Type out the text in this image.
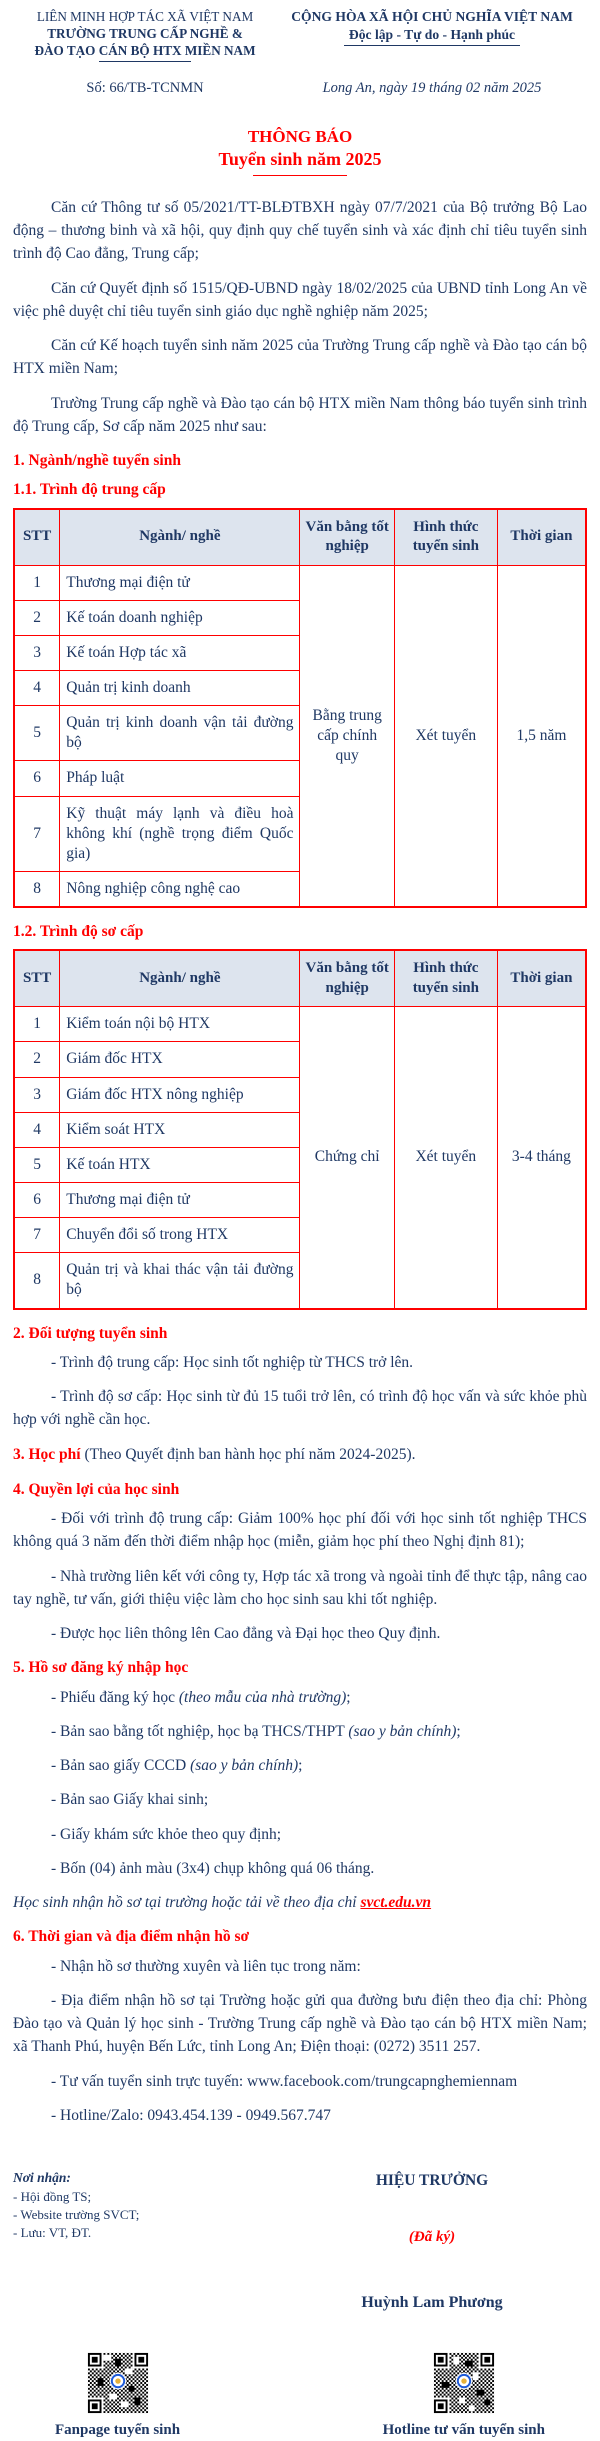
LIÊN MINH HỢP TÁC XÃ VIỆT NAM
TRƯỜNG TRUNG CẤP NGHỀ &
ĐÀO TẠO CÁN BỘ HTX MIỀN NAM
CỘNG HÒA XÃ HỘI CHỦ NGHĨA VIỆT NAM
Độc lập - Tự do - Hạnh phúc
Số: 66/TB-TCNMN	Long An, ngày 19 tháng 02 năm 2025
THÔNG BÁO
Tuyển sinh năm 2025

Căn cứ Thông tư số 05/2021/TT-BLĐTBXH ngày 07/7/2021 của Bộ trưởng Bộ Lao động – thương binh và xã hội, quy định quy chế tuyển sinh và xác định chỉ tiêu tuyển sinh trình độ Cao đẳng, Trung cấp;

Căn cứ Quyết định số 1515/QĐ-UBND ngày 18/02/2025 của UBND tỉnh Long An về việc phê duyệt chỉ tiêu tuyển sinh giáo dục nghề nghiệp năm 2025;

Căn cứ Kế hoạch tuyển sinh năm 2025 của Trường Trung cấp nghề và Đào tạo cán bộ HTX miền Nam;

Trường Trung cấp nghề và Đào tạo cán bộ HTX miền Nam thông báo tuyển sinh trình độ Trung cấp, Sơ cấp năm 2025 như sau:

1. Ngành/nghề tuyển sinh
1.1. Trình độ trung cấp
STT	Ngành/ nghề	Văn bằng tốt nghiệp	Hình thức tuyển sinh	Thời gian
1	Thương mại điện tử	Bằng trung cấp chính quy	Xét tuyển	1,5 năm
2	Kế toán doanh nghiệp			
3	Kế toán Hợp tác xã			
4	Quản trị kinh doanh			
5	Quản trị kinh doanh vận tải đường bộ			
6	Pháp luật			
7	Kỹ thuật máy lạnh và điều hoà không khí (nghề trọng điểm Quốc gia)			
8	Nông nghiệp công nghệ cao			
1.2. Trình độ sơ cấp
STT	Ngành/ nghề	Văn bằng tốt nghiệp	Hình thức tuyển sinh	Thời gian
1	Kiểm toán nội bộ HTX	Chứng chỉ	Xét tuyển	3-4 tháng
2	Giám đốc HTX			
3	Giám đốc HTX nông nghiệp			
4	Kiểm soát HTX			
5	Kế toán HTX			
6	Thương mại điện tử			
7	Chuyển đổi số trong HTX			
8	Quản trị và khai thác vận tải đường bộ			
2. Đối tượng tuyển sinh

- Trình độ trung cấp: Học sinh tốt nghiệp từ THCS trở lên.

- Trình độ sơ cấp: Học sinh từ đủ 15 tuổi trở lên, có trình độ học vấn và sức khỏe phù hợp với nghề cần học.

3. Học phí (Theo Quyết định ban hành học phí năm 2024-2025).

4. Quyền lợi của học sinh

- Đối với trình độ trung cấp: Giảm 100% học phí đối với học sinh tốt nghiệp THCS không quá 3 năm đến thời điểm nhập học (miễn, giảm học phí theo Nghị định 81);

- Nhà trường liên kết với công ty, Hợp tác xã trong và ngoài tỉnh để thực tập, nâng cao tay nghề, tư vấn, giới thiệu việc làm cho học sinh sau khi tốt nghiệp.

- Được học liên thông lên Cao đẳng và Đại học theo Quy định.

5. Hồ sơ đăng ký nhập học

- Phiếu đăng ký học (theo mẫu của nhà trường);

- Bản sao bằng tốt nghiệp, học bạ THCS/THPT (sao y bản chính);

- Bản sao giấy CCCD (sao y bản chính);

- Bản sao Giấy khai sinh;

- Giấy khám sức khỏe theo quy định;

- Bốn (04) ảnh màu (3x4) chụp không quá 06 tháng.

Học sinh nhận hồ sơ tại trường hoặc tải về theo địa chỉ svct.edu.vn

6. Thời gian và địa điểm nhận hồ sơ

- Nhận hồ sơ thường xuyên và liên tục trong năm:

- Địa điểm nhận hồ sơ tại Trường hoặc gửi qua đường bưu điện theo địa chỉ: Phòng Đào tạo và Quản lý học sinh - Trường Trung cấp nghề và Đào tạo cán bộ HTX miền Nam; xã Thanh Phú, huyện Bến Lức, tỉnh Long An; Điện thoại: (0272) 3511 257.

- Tư vấn tuyển sinh trực tuyến: www.facebook.com/trungcapnghemiennam

- Hotline/Zalo: 0943.454.139 - 0949.567.747

Nơi nhận:
- Hội đồng TS;
- Website trường SVCT;
- Lưu: VT, ĐT.
HIỆU TRƯỞNG
(Đã ký)
Huỳnh Lam Phương
Fanpage tuyển sinh	Hotline tư vấn tuyển sinh
